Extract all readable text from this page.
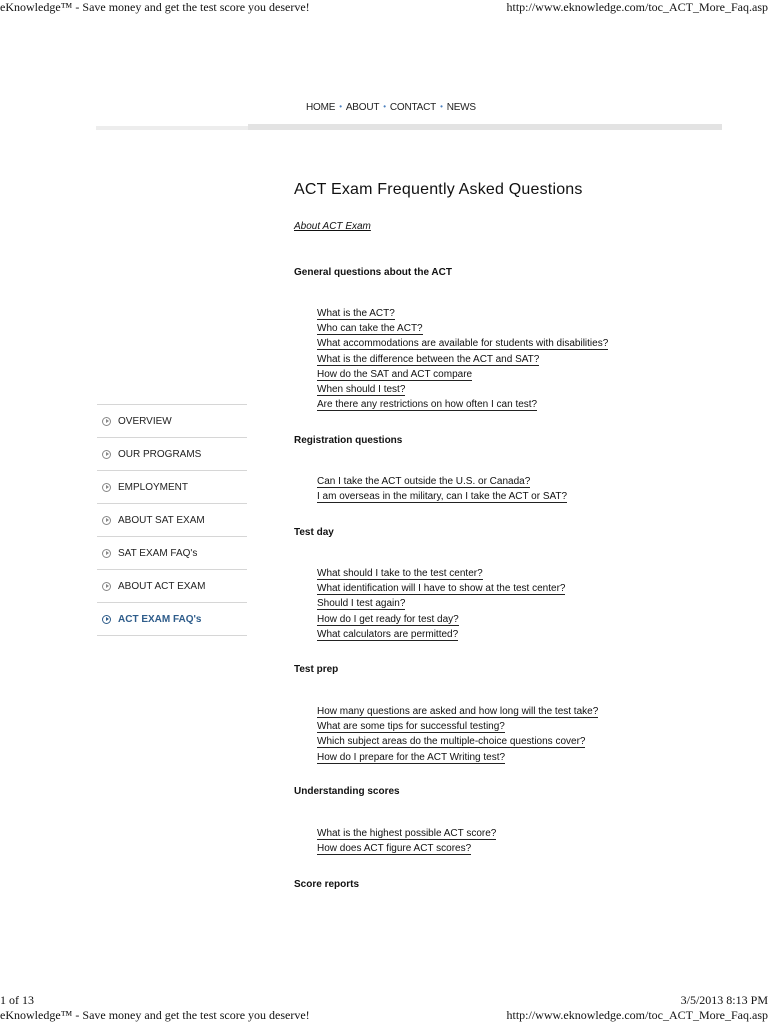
eKnowledge™ - Save money and get the test score you deserve!	http://www.eknowledge.com/toc_ACT_More_Faq.asp
HOME • ABOUT • CONTACT • NEWS
OVERVIEW
OUR PROGRAMS
EMPLOYMENT
ABOUT SAT EXAM
SAT EXAM FAQ's
ABOUT ACT EXAM
ACT EXAM FAQ's
ACT Exam Frequently Asked Questions
About ACT Exam
General questions about the ACT
What is the ACT?
Who can take the ACT?
What accommodations are available for students with disabilities?
What is the difference between the ACT and SAT?
How do the SAT and ACT compare
When should I test?
Are there any restrictions on how often I can test?
Registration questions
Can I take the ACT outside the U.S. or Canada?
I am overseas in the military, can I take the ACT or SAT?
Test day
What should I take to the test center?
What identification will I have to show at the test center?
Should I test again?
How do I get ready for test day?
What calculators are permitted?
Test prep
How many questions are asked and how long will the test take?
What are some tips for successful testing?
Which subject areas do the multiple-choice questions cover?
How do I prepare for the ACT Writing test?
Understanding scores
What is the highest possible ACT score?
How does ACT figure ACT scores?
Score reports
1 of 13	3/5/2013 8:13 PM
eKnowledge™ - Save money and get the test score you deserve!	http://www.eknowledge.com/toc_ACT_More_Faq.asp
